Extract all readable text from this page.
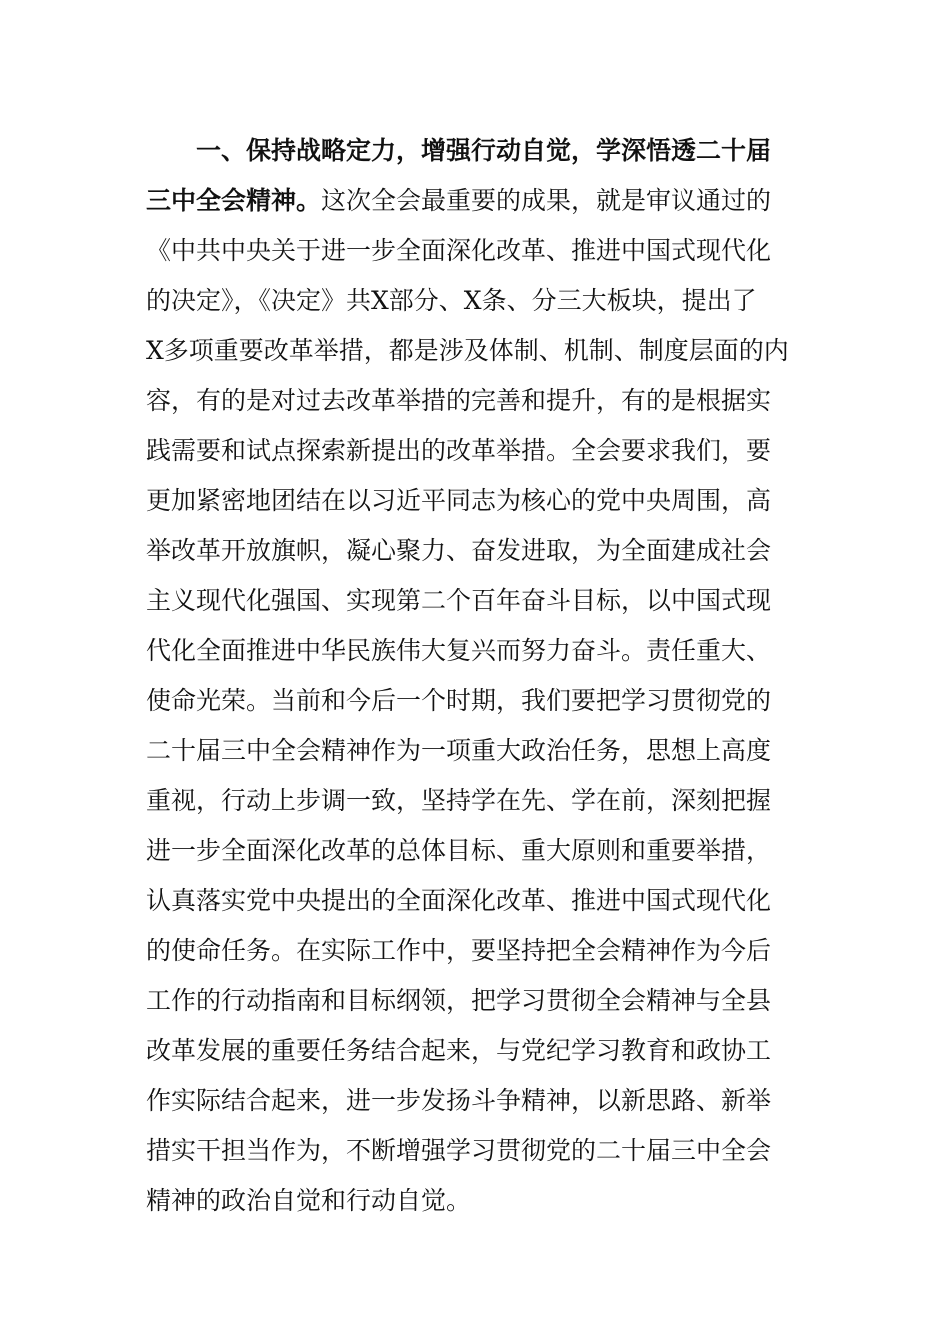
一、保持战略定力，增强行动自觉，学深悟透二十届
三中全会精神。这次全会最重要的成果，就是审议通过的
《中共中央关于进一步全面深化改革、推进中国式现代化
的决定》，《决定》共X部分、X条、分三大板块，提出了
X多项重要改革举措，都是涉及体制、机制、制度层面的内
容，有的是对过去改革举措的完善和提升，有的是根据实
践需要和试点探索新提出的改革举措。全会要求我们，要
更加紧密地团结在以习近平同志为核心的党中央周围，高
举改革开放旗帜，凝心聚力、奋发进取，为全面建成社会
主义现代化强国、实现第二个百年奋斗目标，以中国式现
代化全面推进中华民族伟大复兴而努力奋斗。责任重大、
使命光荣。当前和今后一个时期，我们要把学习贯彻党的
二十届三中全会精神作为一项重大政治任务，思想上高度
重视，行动上步调一致，坚持学在先、学在前，深刻把握
进一步全面深化改革的总体目标、重大原则和重要举措，
认真落实党中央提出的全面深化改革、推进中国式现代化
的使命任务。在实际工作中，要坚持把全会精神作为今后
工作的行动指南和目标纲领，把学习贯彻全会精神与全县
改革发展的重要任务结合起来，与党纪学习教育和政协工
作实际结合起来，进一步发扬斗争精神，以新思路、新举
措实干担当作为，不断增强学习贯彻党的二十届三中全会
精神的政治自觉和行动自觉。
